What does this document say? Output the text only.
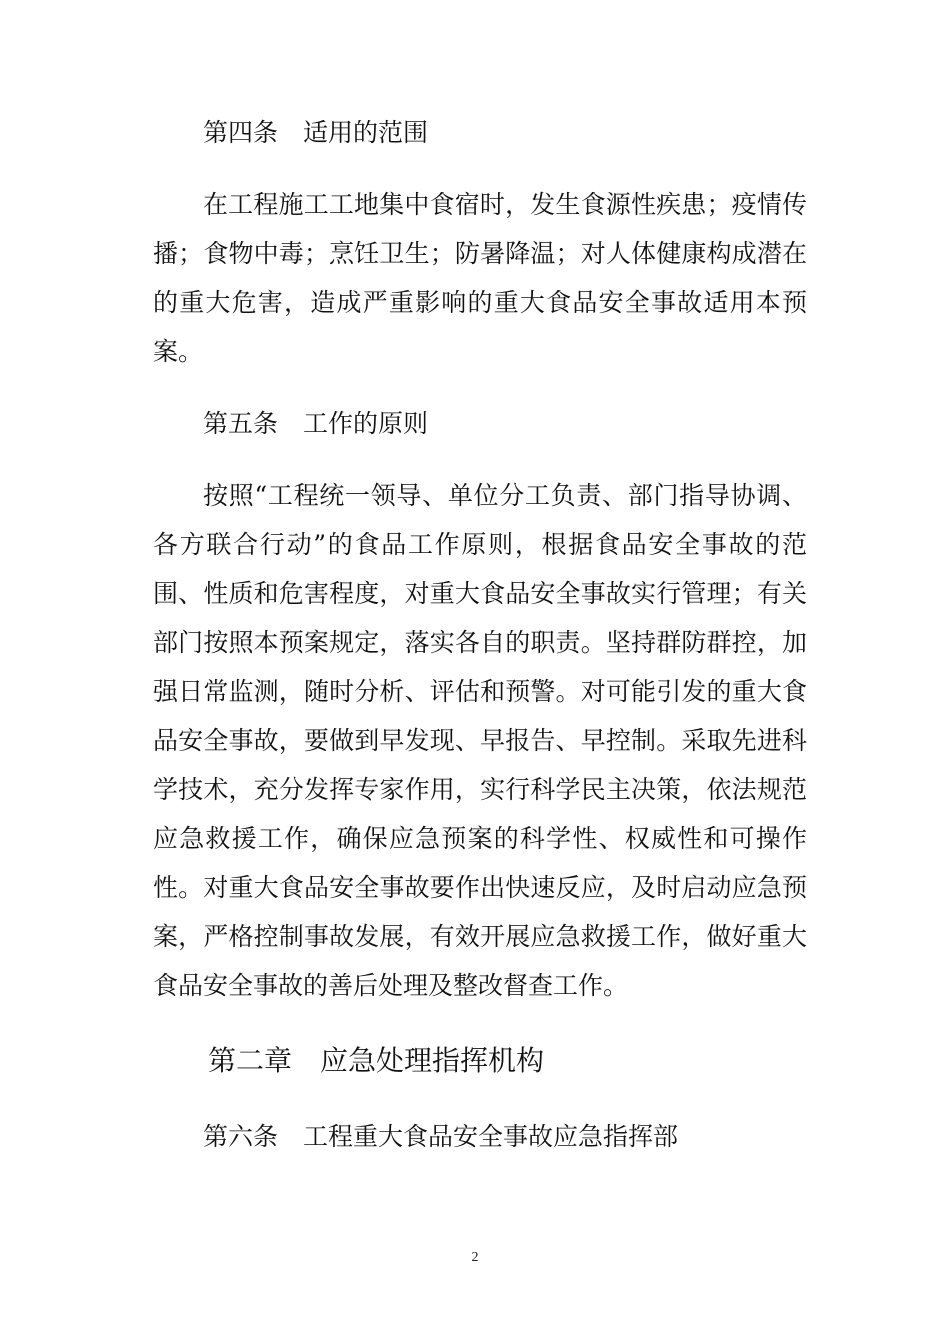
第四条　适用的范围

在工程施工工地集中食宿时，发生食源性疾患；疫情传播；食物中毒；烹饪卫生；防暑降温；对人体健康构成潜在的重大危害，造成严重影响的重大食品安全事故适用本预案。

第五条　工作的原则

按照“工程统一领导、单位分工负责、部门指导协调、各方联合行动”的食品工作原则，根据食品安全事故的范围、性质和危害程度，对重大食品安全事故实行管理；有关部门按照本预案规定，落实各自的职责。坚持群防群控，加强日常监测，随时分析、评估和预警。对可能引发的重大食品安全事故，要做到早发现、早报告、早控制。采取先进科学技术，充分发挥专家作用，实行科学民主决策，依法规范应急救援工作，确保应急预案的科学性、权威性和可操作性。对重大食品安全事故要作出快速反应，及时启动应急预案，严格控制事故发展，有效开展应急救援工作，做好重大食品安全事故的善后处理及整改督查工作。

第二章　应急处理指挥机构

第六条　工程重大食品安全事故应急指挥部

2
